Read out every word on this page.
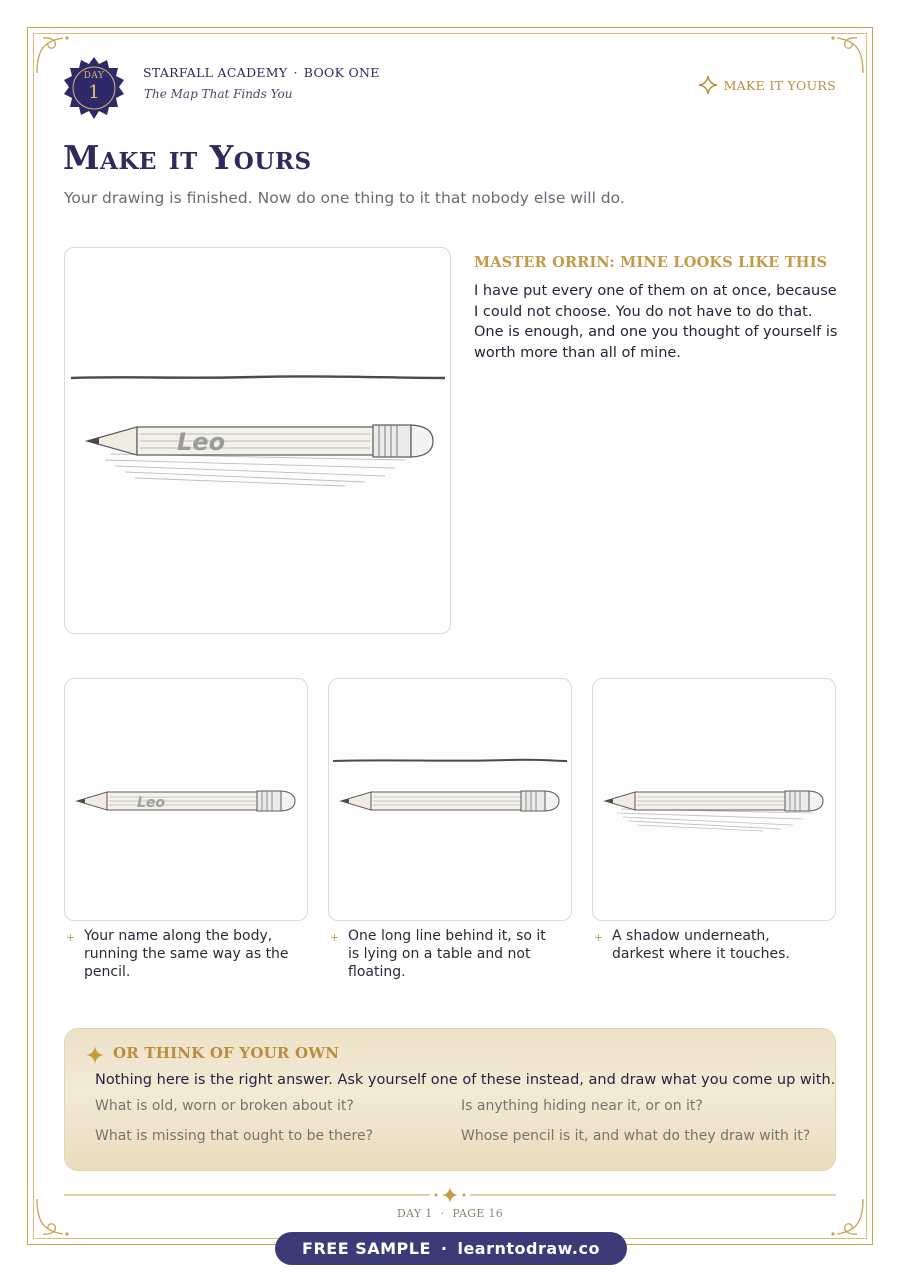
DAY
1
STARFALL ACADEMY · BOOK ONE
The Map That Finds You
MAKE IT YOURS
Make it Yours

Your drawing is finished. Now do one thing to it that nobody else will do.

Leo
MASTER ORRIN: MINE LOOKS LIKE THIS

I have put every one of them on at once, because I could not choose. You do not have to do that. One is enough, and one you thought of yourself is worth more than all of mine.

Leo
+ Your name along the body, running the same way as the pencil.
+ One long line behind it, so it is lying on a table and not floating.
+ A shadow underneath, darkest where it touches.
OR THINK OF YOUR OWN
Nothing here is the right answer. Ask yourself one of these instead, and draw what you come up with.
What is old, worn or broken about it?	Is anything hiding near it, or on it?
What is missing that ought to be there?	Whose pencil is it, and what do they draw with it?
DAY 1 · PAGE 16
FREE SAMPLE · learntodraw.co
